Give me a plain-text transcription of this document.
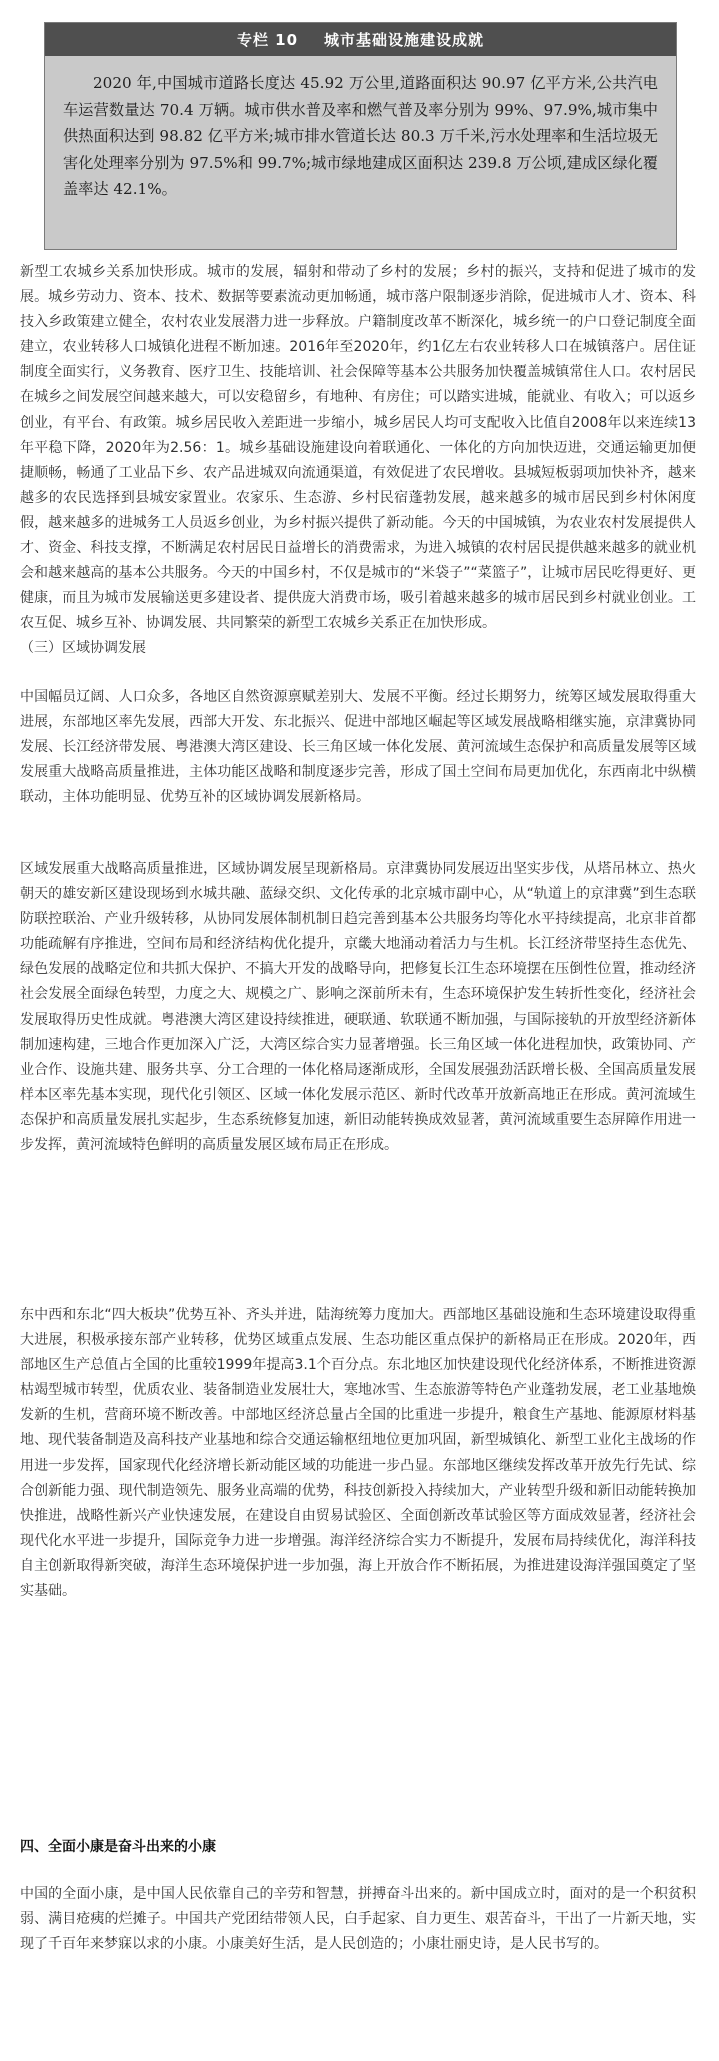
专栏 10 城市基础设施建设成就
2020 年,中国城市道路长度达 45.92 万公里,道路面积达 90.97 亿平方米,公共汽电车运营数量达 70.4 万辆。城市供水普及率和燃气普及率分别为 99%、97.9%,城市集中供热面积达到 98.82 亿平方米;城市排水管道长达 80.3 万千米,污水处理率和生活垃圾无害化处理率分别为 97.5%和 99.7%;城市绿地建成区面积达 239.8 万公顷,建成区绿化覆盖率达 42.1%。

新型工农城乡关系加快形成。城市的发展，辐射和带动了乡村的发展；乡村的振兴，支持和促进了城市的发展。城乡劳动力、资本、技术、数据等要素流动更加畅通，城市落户限制逐步消除，促进城市人才、资本、科技入乡政策建立健全，农村农业发展潜力进一步释放。户籍制度改革不断深化，城乡统一的户口登记制度全面建立，农业转移人口城镇化进程不断加速。2016年至2020年，约1亿左右农业转移人口在城镇落户。居住证制度全面实行，义务教育、医疗卫生、技能培训、社会保障等基本公共服务加快覆盖城镇常住人口。农村居民在城乡之间发展空间越来越大，可以安稳留乡，有地种、有房住；可以踏实进城，能就业、有收入；可以返乡创业，有平台、有政策。城乡居民收入差距进一步缩小，城乡居民人均可支配收入比值自2008年以来连续13年平稳下降，2020年为2.56：1。城乡基础设施建设向着联通化、一体化的方向加快迈进，交通运输更加便捷顺畅，畅通了工业品下乡、农产品进城双向流通渠道，有效促进了农民增收。县城短板弱项加快补齐，越来越多的农民选择到县城安家置业。农家乐、生态游、乡村民宿蓬勃发展，越来越多的城市居民到乡村休闲度假，越来越多的进城务工人员返乡创业，为乡村振兴提供了新动能。今天的中国城镇，为农业农村发展提供人才、资金、科技支撑，不断满足农村居民日益增长的消费需求，为进入城镇的农村居民提供越来越多的就业机会和越来越高的基本公共服务。今天的中国乡村，不仅是城市的“米袋子”“菜篮子”，让城市居民吃得更好、更健康，而且为城市发展输送更多建设者、提供庞大消费市场，吸引着越来越多的城市居民到乡村就业创业。工农互促、城乡互补、协调发展、共同繁荣的新型工农城乡关系正在加快形成。

（三）区域协调发展

中国幅员辽阔、人口众多，各地区自然资源禀赋差别大、发展不平衡。经过长期努力，统筹区域发展取得重大进展，东部地区率先发展，西部大开发、东北振兴、促进中部地区崛起等区域发展战略相继实施，京津冀协同发展、长江经济带发展、粤港澳大湾区建设、长三角区域一体化发展、黄河流域生态保护和高质量发展等区域发展重大战略高质量推进，主体功能区战略和制度逐步完善，形成了国土空间布局更加优化，东西南北中纵横联动，主体功能明显、优势互补的区域协调发展新格局。

区域发展重大战略高质量推进，区域协调发展呈现新格局。京津冀协同发展迈出坚实步伐，从塔吊林立、热火朝天的雄安新区建设现场到水城共融、蓝绿交织、文化传承的北京城市副中心，从“轨道上的京津冀”到生态联防联控联治、产业升级转移，从协同发展体制机制日趋完善到基本公共服务均等化水平持续提高，北京非首都功能疏解有序推进，空间布局和经济结构优化提升，京畿大地涌动着活力与生机。长江经济带坚持生态优先、绿色发展的战略定位和共抓大保护、不搞大开发的战略导向，把修复长江生态环境摆在压倒性位置，推动经济社会发展全面绿色转型，力度之大、规模之广、影响之深前所未有，生态环境保护发生转折性变化，经济社会发展取得历史性成就。粤港澳大湾区建设持续推进，硬联通、软联通不断加强，与国际接轨的开放型经济新体制加速构建，三地合作更加深入广泛，大湾区综合实力显著增强。长三角区域一体化进程加快，政策协同、产业合作、设施共建、服务共享、分工合理的一体化格局逐渐成形，全国发展强劲活跃增长极、全国高质量发展样本区率先基本实现，现代化引领区、区域一体化发展示范区、新时代改革开放新高地正在形成。黄河流域生态保护和高质量发展扎实起步，生态系统修复加速，新旧动能转换成效显著，黄河流域重要生态屏障作用进一步发挥，黄河流域特色鲜明的高质量发展区域布局正在形成。

东中西和东北“四大板块”优势互补、齐头并进，陆海统筹力度加大。西部地区基础设施和生态环境建设取得重大进展，积极承接东部产业转移，优势区域重点发展、生态功能区重点保护的新格局正在形成。2020年，西部地区生产总值占全国的比重较1999年提高3.1个百分点。东北地区加快建设现代化经济体系，不断推进资源枯竭型城市转型，优质农业、装备制造业发展壮大，寒地冰雪、生态旅游等特色产业蓬勃发展，老工业基地焕发新的生机，营商环境不断改善。中部地区经济总量占全国的比重进一步提升，粮食生产基地、能源原材料基地、现代装备制造及高科技产业基地和综合交通运输枢纽地位更加巩固，新型城镇化、新型工业化主战场的作用进一步发挥，国家现代化经济增长新动能区域的功能进一步凸显。东部地区继续发挥改革开放先行先试、综合创新能力强、现代制造领先、服务业高端的优势，科技创新投入持续加大，产业转型升级和新旧动能转换加快推进，战略性新兴产业快速发展，在建设自由贸易试验区、全面创新改革试验区等方面成效显著，经济社会现代化水平进一步提升，国际竞争力进一步增强。海洋经济综合实力不断提升，发展布局持续优化，海洋科技自主创新取得新突破，海洋生态环境保护进一步加强，海上开放合作不断拓展，为推进建设海洋强国奠定了坚实基础。

四、全面小康是奋斗出来的小康

中国的全面小康，是中国人民依靠自己的辛劳和智慧，拼搏奋斗出来的。新中国成立时，面对的是一个积贫积弱、满目疮痍的烂摊子。中国共产党团结带领人民，白手起家、自力更生、艰苦奋斗，干出了一片新天地，实现了千百年来梦寐以求的小康。小康美好生活，是人民创造的；小康壮丽史诗，是人民书写的。
